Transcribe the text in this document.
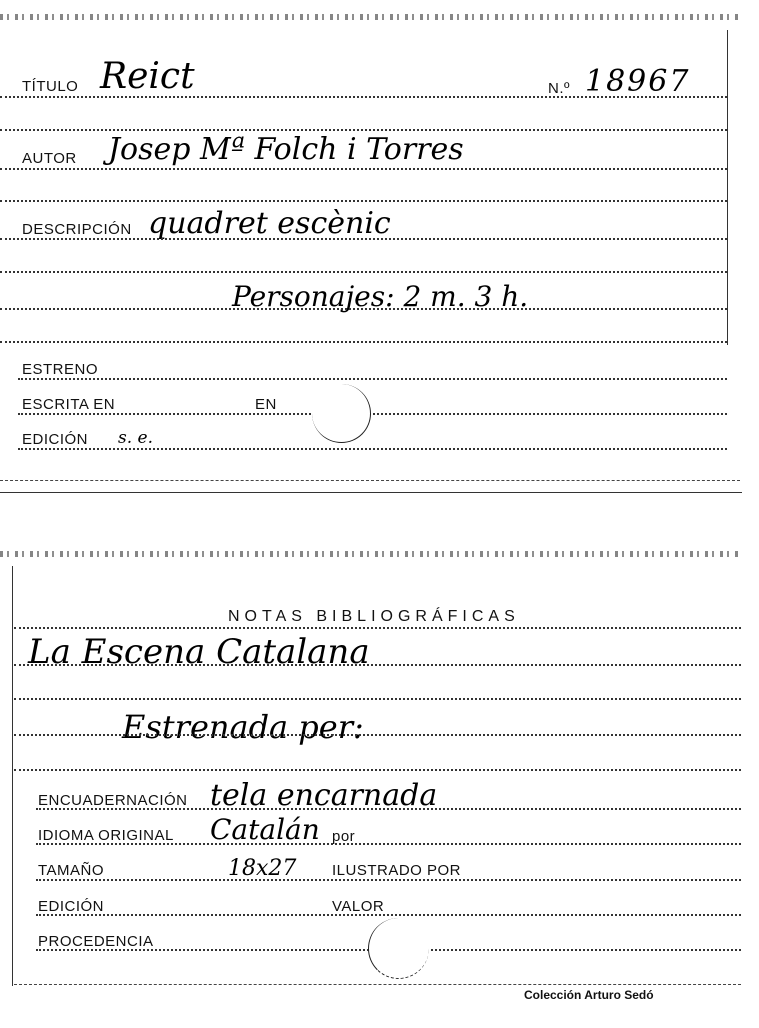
TÍTULO Reict	N.º 18967
AUTOR Josep Mª Folch i Torres
DESCRIPCIÓN quadret escènic
Personajes: 2 m. 3 h.
ESTRENO
ESCRITA EN	EN
EDICIÓN s. e.
NOTAS BIBLIOGRÁFICAS
La Escena Catalana
Estrenada per:
ENCUADERNACIÓN tela encarnada
IDIOMA ORIGINAL Catalán por
TAMAÑO	18x27 ILUSTRADO POR
EDICIÓN	VALOR
PROCEDENCIA
Colección Arturo Sedó
